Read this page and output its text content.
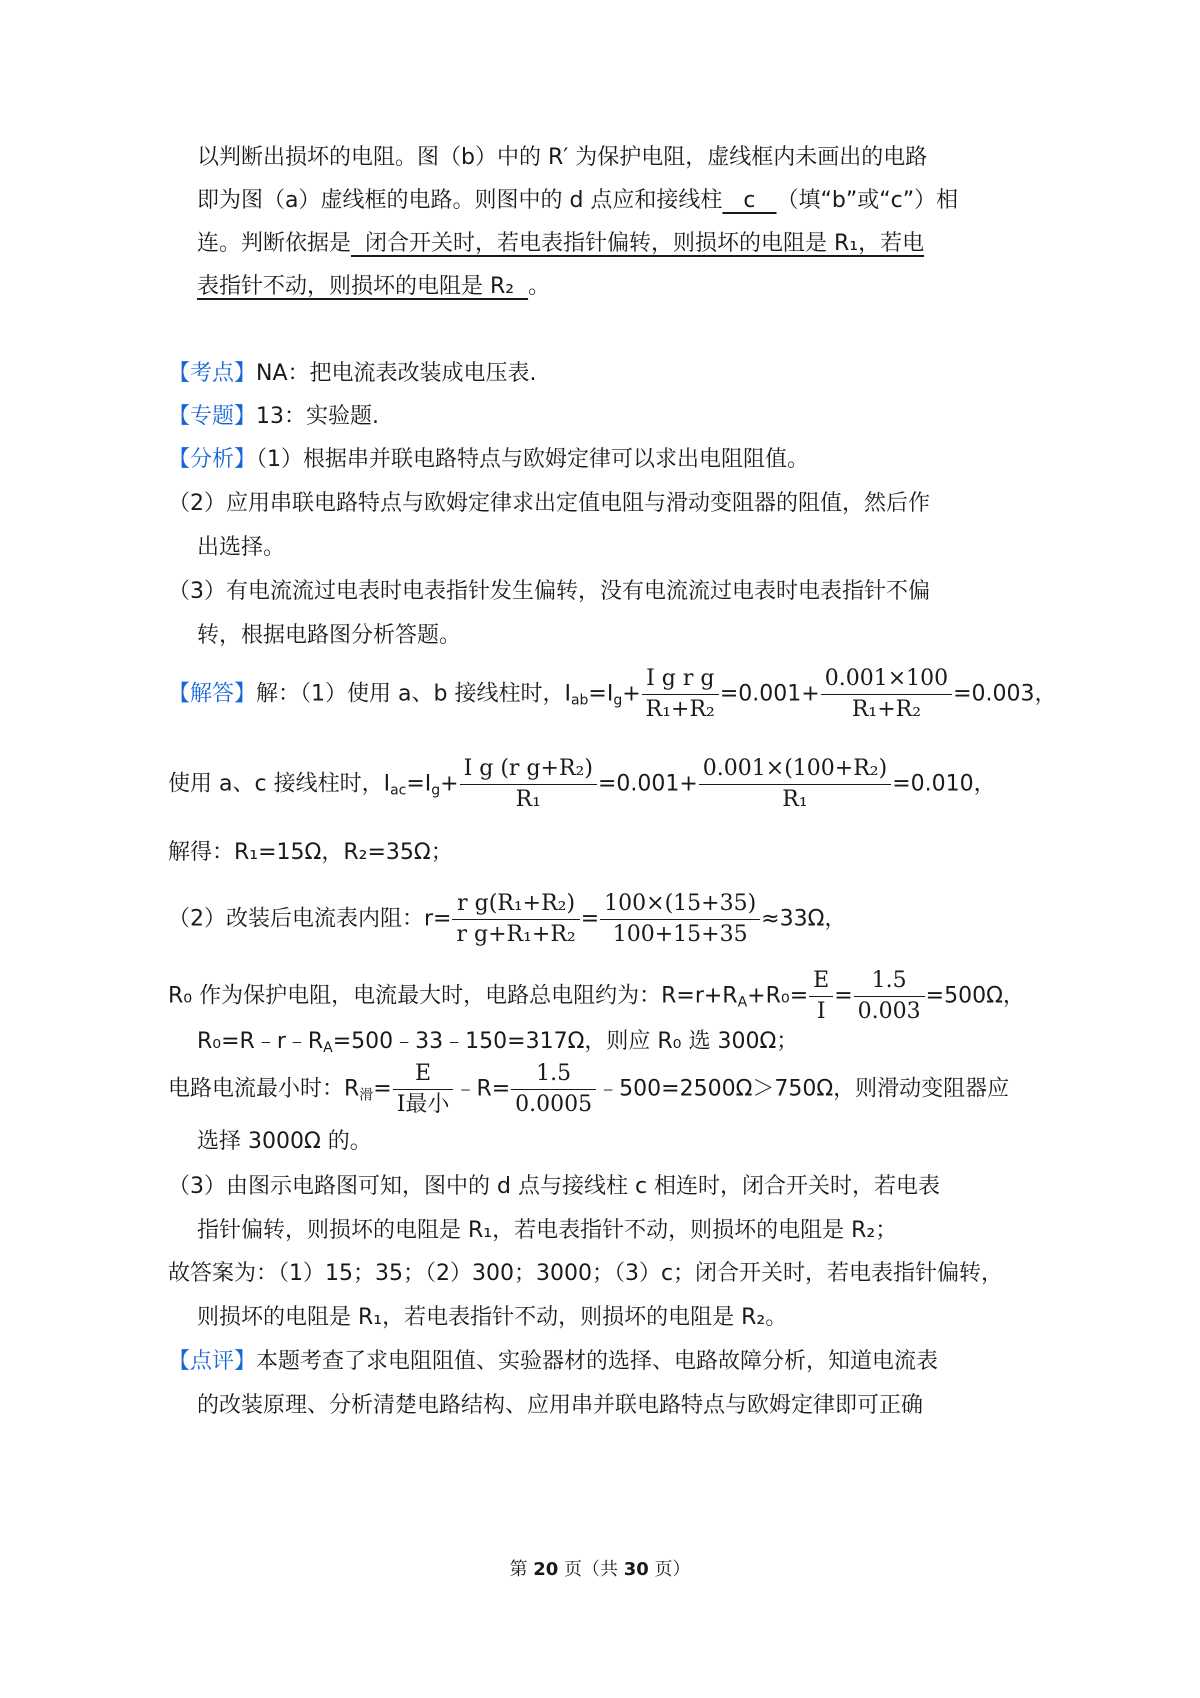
以判断出损坏的电阻。图（b）中的 R′ 为保护电阻，虚线框内未画出的电路
即为图（a）虚线框的电路。则图中的 d 点应和接线柱   c   （填“b”或“c”）相
连。判断依据是  闭合开关时，若电表指针偏转，则损坏的电阻是 R₁，若电
表指针不动，则损坏的电阻是 R₂  。
【考点】NA：把电流表改装成电压表.
【专题】13：实验题.
【分析】（1）根据串并联电路特点与欧姆定律可以求出电阻阻值。
（2）应用串联电路特点与欧姆定律求出定值电阻与滑动变阻器的阻值，然后作
出选择。
（3）有电流流过电表时电表指针发生偏转，没有电流流过电表时电表指针不偏
转，根据电路图分析答题。
【解答】解：（1）使用 a、b 接线柱时，$I_{ab}=I_g+ \frac{\text{I g r g}}{\text{R₁+R₂}} =0.001+ \frac{0.001\times 100}{\text{R₁+R₂}} =0.003$，
使用 a、c 接线柱时，$I_{ac}=I_g+ \frac{\text{I g (r g+R₂)}}{\text{R₁}} =0.001+ \frac{\text{0.001×(100+R₂)}}{\text{R₁}} =0.010$，
解得：R₁=15Ω，R₂=35Ω；
（2）改装后电流表内阻：$r= \frac{\text{r g(R₁+R₂)}}{\text{r g+R₁+R₂}} = \frac{100\times(15+35)}{100+15+35} \approx 33\Omega$，
R₀ 作为保护电阻，电流最大时，电路总电阻约为：$R=r+R_A+R_0= \frac{E}{I} = \frac{1.5}{0.003} =500\Omega$，
$R_0=R﹣r﹣R_A=500﹣33﹣150=317\Omega$，则应 R₀ 选 300Ω；
电路电流最小时：$R_滑= \frac{E}{\text{I最小}}$ ﹣R= $\frac{1.5}{0.0005}$ ﹣500=2500Ω＞750Ω，则滑动变阻器应
选择 3000Ω 的。
（3）由图示电路图可知，图中的 d 点与接线柱 c 相连时，闭合开关时，若电表
指针偏转，则损坏的电阻是 R₁，若电表指针不动，则损坏的电阻是 R₂；
故答案为：（1）15；35；（2）300；3000；（3）c；闭合开关时，若电表指针偏转，
则损坏的电阻是 R₁，若电表指针不动，则损坏的电阻是 R₂。
【点评】本题考查了求电阻阻值、实验器材的选择、电路故障分析，知道电流表
的改装原理、分析清楚电路结构、应用串并联电路特点与欧姆定律即可正确
第 20 页（共 30 页）
